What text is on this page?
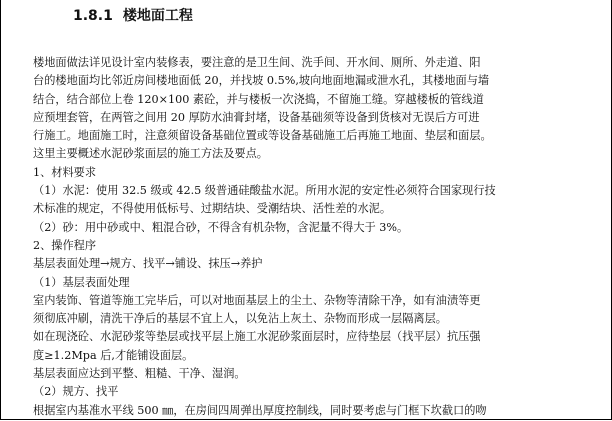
1.8.1 楼地面工程
楼地面做法详见设计室内装修表，要注意的是卫生间、洗手间、开水间、厕所、外走道、阳
台的楼地面均比邻近房间楼地面低 20，并找坡 0.5%,坡向地面地漏或泄水孔，其楼地面与墙
结合，结合部位上卷 120×100 素砼，并与楼板一次浇捣，不留施工缝。穿越楼板的管线道
应预埋套管，在两管之间用 20 厚防水油膏封堵，设备基础须等设备到货核对无误后方可进
行施工。地面施工时，注意须留设备基础位置或等设备基础施工后再施工地面、垫层和面层。
这里主要概述水泥砂浆面层的施工方法及要点。
1、材料要求
（1）水泥：使用 32.5 级或 42.5 级普通硅酸盐水泥。所用水泥的安定性必须符合国家现行技
术标准的规定，不得使用低标号、过期结块、受潮结块、活性差的水泥。
（2）砂：用中砂或中、粗混合砂，不得含有机杂物，含泥量不得大于 3%。
2、操作程序
基层表面处理→规方、找平→铺设、抹压→养护
（1）基层表面处理
室内装饰、管道等施工完毕后，可以对地面基层上的尘土、杂物等清除干净，如有油渍等更
须彻底冲刷，清洗干净后的基层不宜上人，以免沾上灰土、杂物而形成一层隔离层。
如在现浇砼、水泥砂浆等垫层或找平层上施工水泥砂浆面层时，应待垫层（找平层）抗压强
度≥1.2Mpa 后,才能铺设面层。
基层表面应达到平整、粗糙、干净、湿润。
（2）规方、找平
根据室内基准水平线 500 ㎜，在房间四周弹出厚度控制线，同时要考虑与门框下坎截口的吻
